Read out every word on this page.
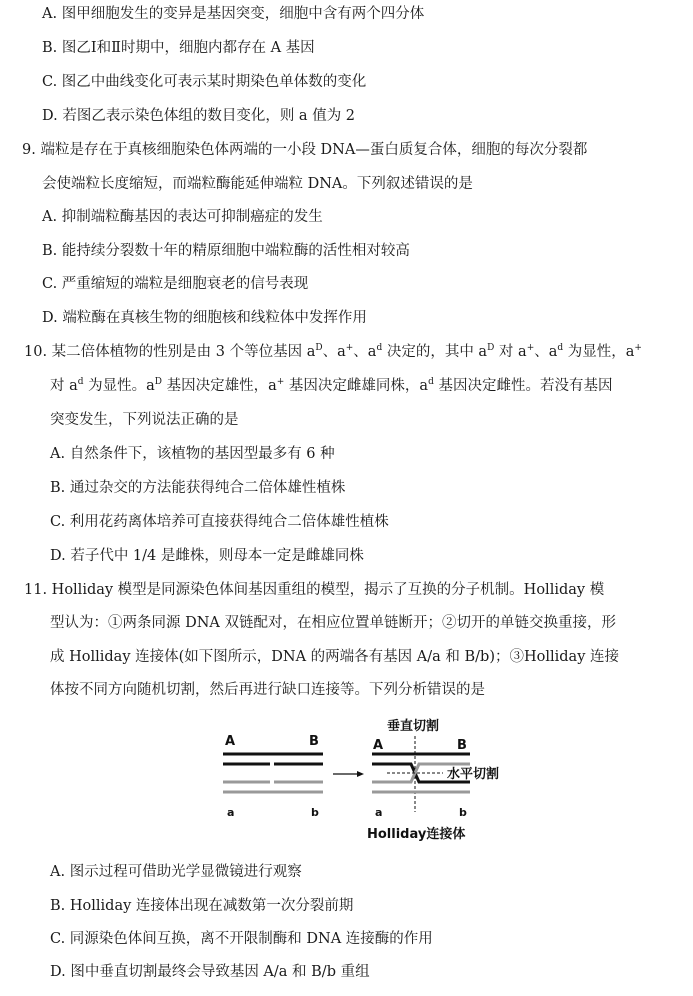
A. 图甲细胞发生的变异是基因突变，细胞中含有两个四分体
B. 图乙Ⅰ和Ⅱ时期中，细胞内都存在 A 基因
C. 图乙中曲线变化可表示某时期染色单体数的变化
D. 若图乙表示染色体组的数目变化，则 a 值为 2
9. 端粒是存在于真核细胞染色体两端的一小段 DNA—蛋白质复合体，细胞的每次分裂都
会使端粒长度缩短，而端粒酶能延伸端粒 DNA。下列叙述错误的是
A. 抑制端粒酶基因的表达可抑制癌症的发生
B. 能持续分裂数十年的精原细胞中端粒酶的活性相对较高
C. 严重缩短的端粒是细胞衰老的信号表现
D. 端粒酶在真核生物的细胞核和线粒体中发挥作用
10. 某二倍体植物的性别是由 3 个等位基因 $a^D$、a+、$a^d$ 决定的，其中 $a^D$ 对 a+、$a^d$ 为显性，a+
对 $a^d$ 为显性。$a^D$ 基因决定雄性，a+ 基因决定雌雄同株，$a^d$ 基因决定雌性。若没有基因
突变发生，下列说法正确的是
A. 自然条件下，该植物的基因型最多有 6 种
B. 通过杂交的方法能获得纯合二倍体雄性植株
C. 利用花药离体培养可直接获得纯合二倍体雄性植株
D. 若子代中 1/4 是雌株，则母本一定是雌雄同株
11. Holliday 模型是同源染色体间基因重组的模型，揭示了互换的分子机制。Holliday 模
型认为：①两条同源 DNA 双链配对，在相应位置单链断开；②切开的单链交换重接，形
成 Holliday 连接体(如下图所示，DNA 的两端各有基因 A/a 和 B/b)；③Holliday 连接
体按不同方向随机切割，然后再进行缺口连接等。下列分析错误的是
A	B
a	b
垂直切割
A	B
水平切割
a	b
Holliday连接体
A. 图示过程可借助光学显微镜进行观察
B. Holliday 连接体出现在减数第一次分裂前期
C. 同源染色体间互换，离不开限制酶和 DNA 连接酶的作用
D. 图中垂直切割最终会导致基因 A/a 和 B/b 重组
